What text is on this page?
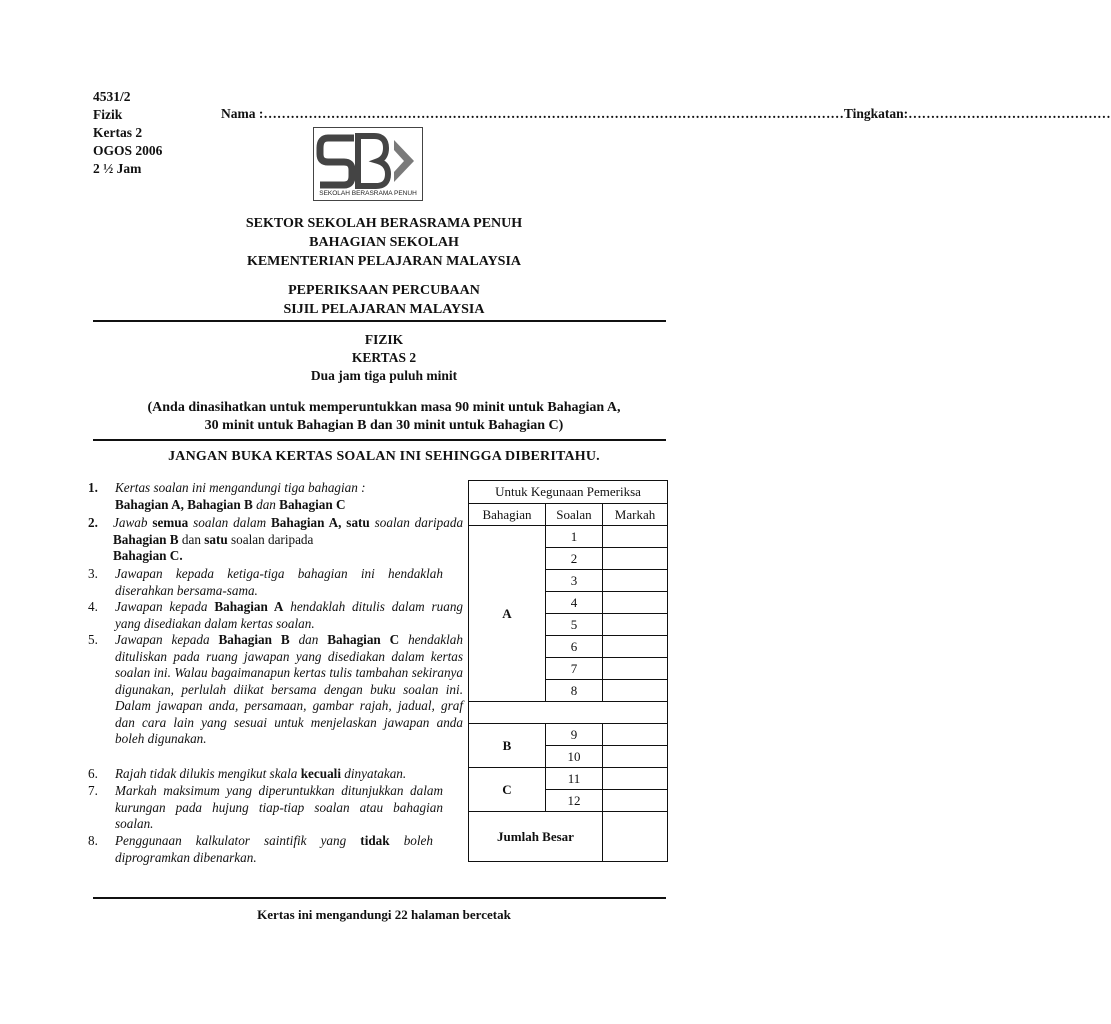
4531/2
Fizik
Kertas 2
OGOS 2006
2 ½ Jam
Nama :…………………………………………………………………………………………………………………Tingkatan:………………………………………
SEKOLAH BERASRAMA PENUH
SEKTOR SEKOLAH BERASRAMA PENUH
BAHAGIAN SEKOLAH
KEMENTERIAN PELAJARAN MALAYSIA
PEPERIKSAAN PERCUBAAN
SIJIL PELAJARAN MALAYSIA
FIZIK
KERTAS 2
Dua jam tiga puluh minit
(Anda dinasihatkan untuk memperuntukkan masa 90 minit untuk Bahagian A,
30 minit untuk Bahagian B dan 30 minit untuk Bahagian C)
JANGAN BUKA KERTAS SOALAN INI SEHINGGA DIBERITAHU.
1. Kertas soalan ini mengandungi tiga bahagian :
Bahagian A, Bahagian B dan Bahagian C
2. Jawab semua soalan dalam Bahagian A, satu soalan daripada Bahagian B dan satu soalan daripada
Bahagian C.
3. Jawapan kepada ketiga-tiga bahagian ini hendaklah diserahkan bersama-sama.
4. Jawapan kepada Bahagian A hendaklah ditulis dalam ruang yang disediakan dalam kertas soalan.
5. Jawapan kepada Bahagian B dan Bahagian C hendaklah dituliskan pada ruang jawapan yang disediakan dalam kertas soalan ini. Walau bagaimanapun kertas tulis tambahan sekiranya digunakan, perlulah diikat bersama dengan buku soalan ini. Dalam jawapan anda, persamaan, gambar rajah, jadual, graf dan cara lain yang sesuai untuk menjelaskan jawapan anda boleh digunakan.
6. Rajah tidak dilukis mengikut skala kecuali dinyatakan.
7. Markah maksimum yang diperuntukkan ditunjukkan dalam kurungan pada hujung tiap-tiap soalan atau bahagian soalan.
8. Penggunaan kalkulator saintifik yang tidak boleh diprogramkan dibenarkan.
Untuk Kegunaan Pemeriksa		
Bahagian	Soalan	Markah
A	1	
	2	
	3	
	4	
	5	
	6	
	7	
	8	

B	9	
	10	
C	11	
	12	
Jumlah Besar		
Kertas ini mengandungi 22 halaman bercetak
